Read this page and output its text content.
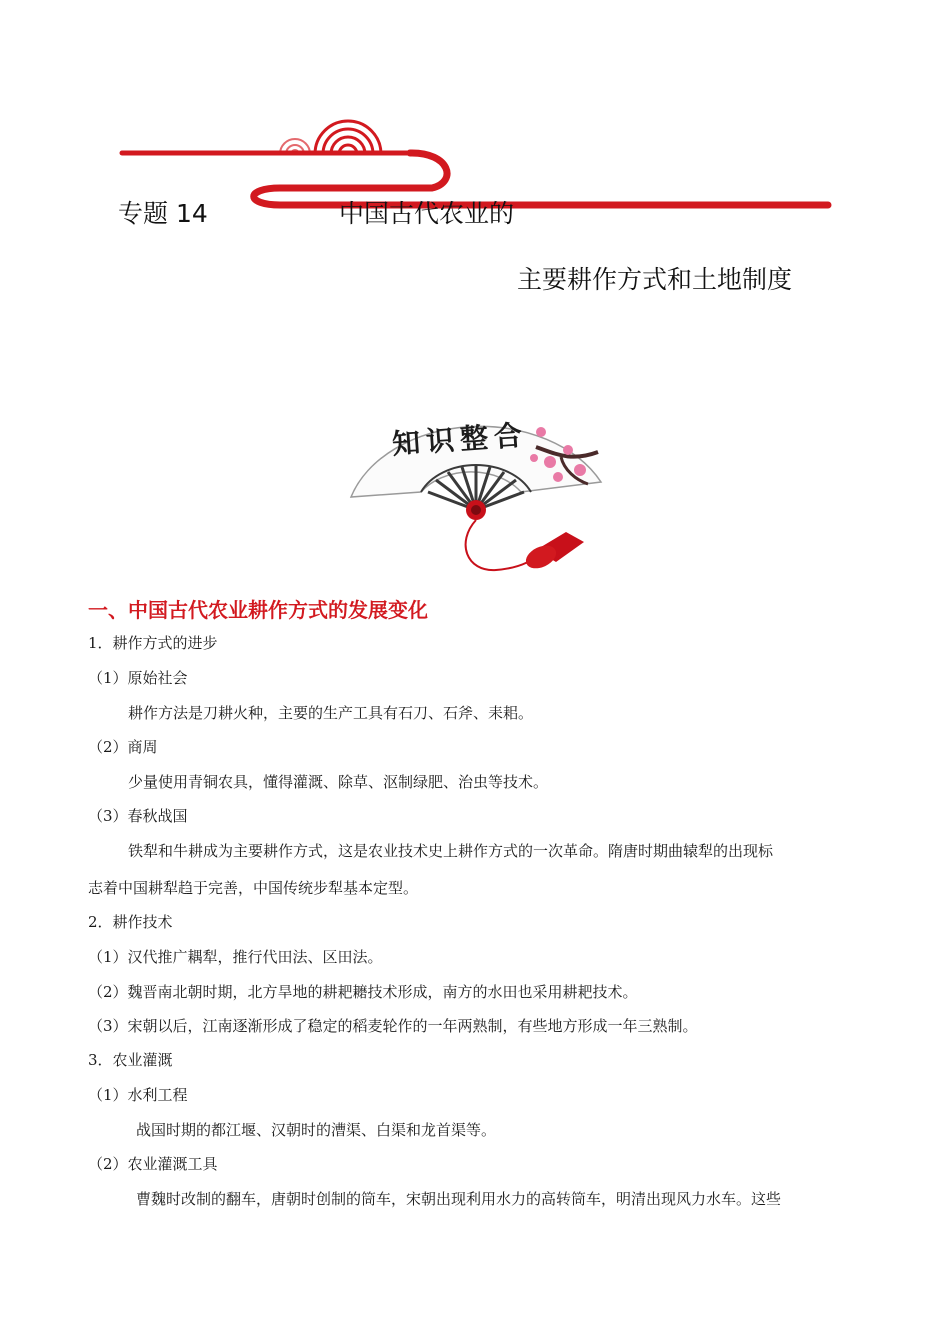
专题 14	中国古代农业的
主要耕作方式和土地制度
知识整合
一、中国古代农业耕作方式的发展变化
1．耕作方式的进步
（1）原始社会
耕作方法是刀耕火种，主要的生产工具有石刀、石斧、耒耜。
（2）商周
少量使用青铜农具，懂得灌溉、除草、沤制绿肥、治虫等技术。
（3）春秋战国
铁犁和牛耕成为主要耕作方式，这是农业技术史上耕作方式的一次革命。隋唐时期曲辕犁的出现标
志着中国耕犁趋于完善，中国传统步犁基本定型。
2．耕作技术
（1）汉代推广耦犁，推行代田法、区田法。
（2）魏晋南北朝时期，北方旱地的耕耙耱技术形成，南方的水田也采用耕耙技术。
（3）宋朝以后，江南逐渐形成了稳定的稻麦轮作的一年两熟制，有些地方形成一年三熟制。
3．农业灌溉
（1）水利工程
战国时期的都江堰、汉朝时的漕渠、白渠和龙首渠等。
（2）农业灌溉工具
曹魏时改制的翻车，唐朝时创制的筒车，宋朝出现利用水力的高转筒车，明清出现风力水车。这些
